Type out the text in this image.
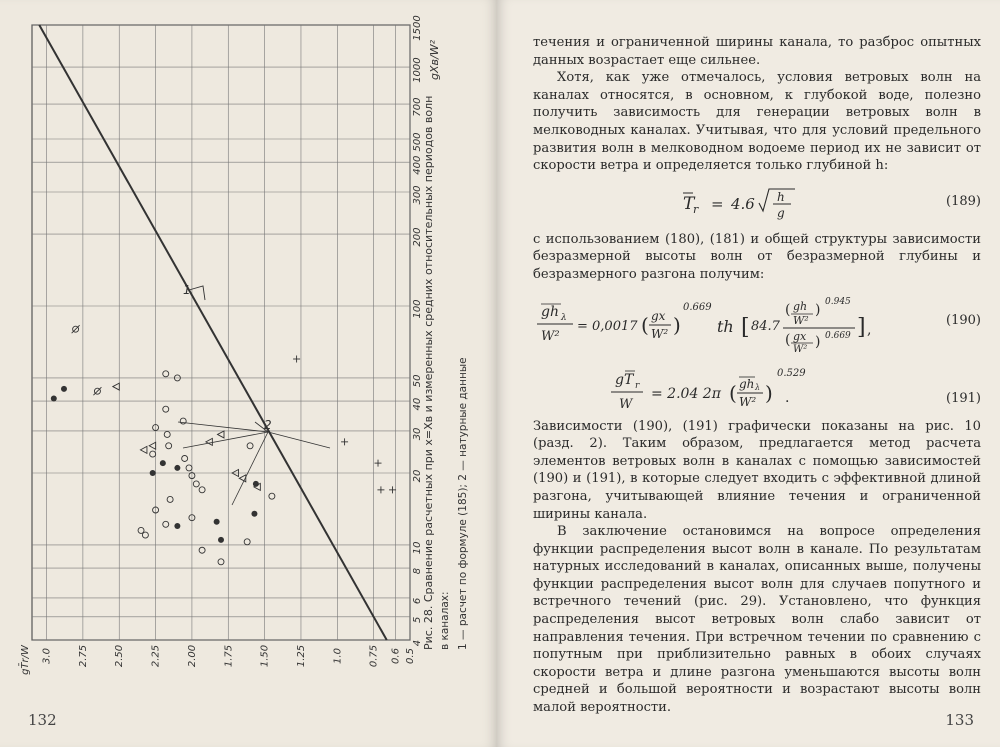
4
5
6
8
10
20
30
40
50
100
200
300
400
500
700
1000
1500
0.5
0.6
0.75
1.0
1.25
1.50
1.75
2.00
2.25
2.50
2.75
3.0
1
2
gXв/W²
gT̄r/W
Рис. 28. Сравнение расчетных при x=Xв и измеренных средних относительных периодов волн в каналах: 1 — расчет по формуле (185); 2 — натурные данные
132

течения и ограниченной ширины канала, то разброс опытных данных возрастает еще сильнее.

Хотя, как уже отмечалось, условия ветровых волн на каналах относятся, в основном, к глубокой воде, полезно получить зависимость для генерации ветровых волн в мелководных каналах. Учитывая, что для условий предельного развития волн в мелководном водоеме период их не зависит от скорости ветра и определяется только глубиной h:

T
r = 4.6 h
g
(189)

с использованием (180), (181) и общей структуры зависимости безразмерной высоты волн от безразмерной глубины и безразмерного разгона получим:

gh λ
W²
= 0,0017 ( gx
W² )
0.669
th [ 84.7
( gh
W²
) 0.945
( gx
W² ) 0.669 ] ,
(190)
gT r
W
= 2.04 2π ( gh λ
W² )
0.529
.	(191)

Зависимости (190), (191) графически показаны на рис. 10 (разд. 2). Таким образом, предлагается метод расчета элементов ветровых волн в каналах с помощью зависимостей (190) и (191), в которые следует входить с эффективной длиной разгона, учитывающей влияние течения и ограниченной ширины канала.

В заключение остановимся на вопросе определения функции распределения высот волн в канале. По результатам натурных исследований в каналах, описанных выше, получены функции распределения высот волн для случаев попутного и встречного течений (рис. 29). Установлено, что функция распределения высот ветровых волн слабо зависит от направления течения. При встречном течении по сравнению с попутным при приблизительно равных в обоих случаях скорости ветра и длине разгона уменьшаются высоты волн средней и большой вероятности и возрастают высоты волн малой вероятности.

133
